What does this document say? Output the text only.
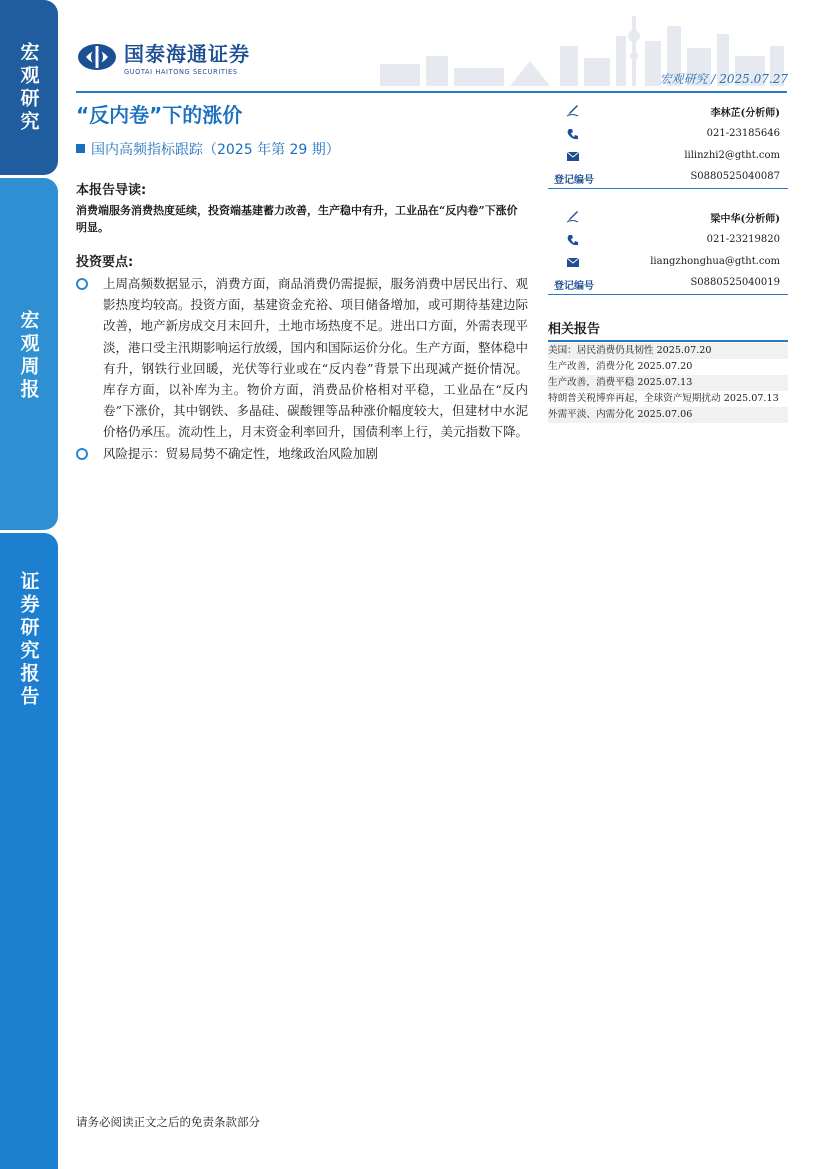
宏观研究
宏观周报
证券研究报告
国泰海通证券
GUOTAI HAITONG SECURITIES	宏观研究 / 2025.07.27
“反内卷”下的涨价
国内高频指标跟踪（2025 年第 29 期）
本报告导读:
消费端服务消费热度延续，投资端基建蓄力改善，生产稳中有升，工业品在“反内卷”下涨价明显。
投资要点:
上周高频数据显示，消费方面，商品消费仍需提振，服务消费中居民出行、观影热度均较高。投资方面，基建资金充裕、项目储备增加，或可期待基建边际改善，地产新房成交月末回升，土地市场热度不足。进出口方面，外需表现平淡，港口受主汛期影响运行放缓，国内和国际运价分化。生产方面，整体稳中有升，钢铁行业回暖，光伏等行业或在“反内卷”背景下出现减产挺价情况。库存方面，以补库为主。物价方面，消费品价格相对平稳，工业品在“反内卷”下涨价，其中钢铁、多晶硅、碳酸锂等品种涨价幅度较大，但建材中水泥价格仍承压。流动性上，月末资金利率回升，国债利率上行，美元指数下降。
风险提示：贸易局势不确定性，地缘政治风险加剧
李林芷(分析师)
021-23185646
lilinzhi2@gtht.com
登记编号	S0880525040087
梁中华(分析师)
021-23219820
liangzhonghua@gtht.com
登记编号	S0880525040019
相关报告
美国：居民消费仍具韧性 2025.07.20
生产改善，消费分化 2025.07.20
生产改善，消费平稳 2025.07.13
特朗普关税博弈再起，全球资产短期扰动 2025.07.13
外需平淡、内需分化 2025.07.06
请务必阅读正文之后的免责条款部分
